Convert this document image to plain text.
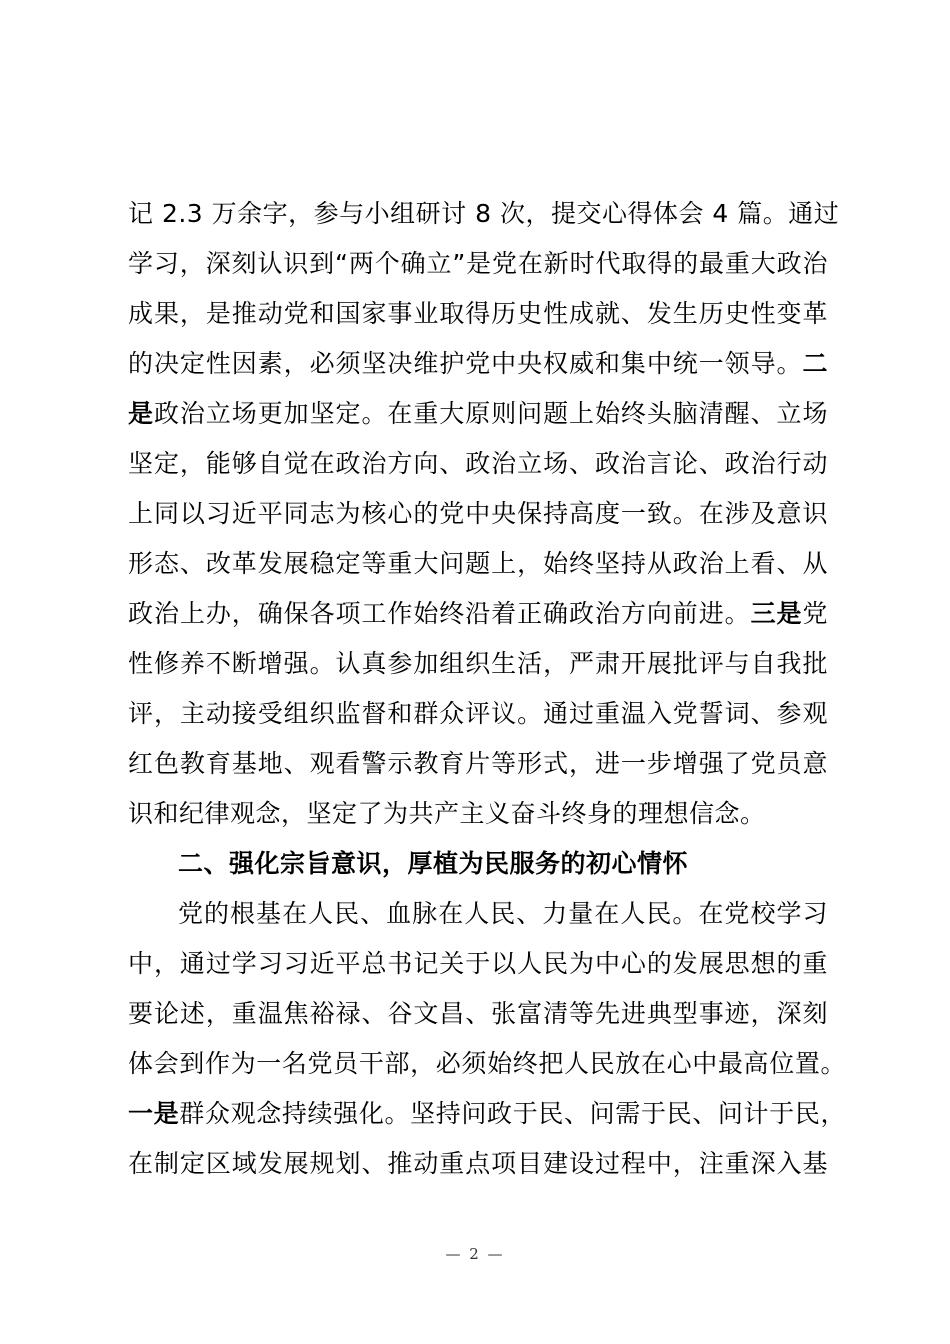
记 2.3 万余字，参与小组研讨 8 次，提交心得体会 4 篇。通过
学习，深刻认识到“两个确立”是党在新时代取得的最重大政治
成果，是推动党和国家事业取得历史性成就、发生历史性变革
的决定性因素，必须坚决维护党中央权威和集中统一领导。二
是政治立场更加坚定。在重大原则问题上始终头脑清醒、立场
坚定，能够自觉在政治方向、政治立场、政治言论、政治行动
上同以习近平同志为核心的党中央保持高度一致。在涉及意识
形态、改革发展稳定等重大问题上，始终坚持从政治上看、从
政治上办，确保各项工作始终沿着正确政治方向前进。三是党
性修养不断增强。认真参加组织生活，严肃开展批评与自我批
评，主动接受组织监督和群众评议。通过重温入党誓词、参观
红色教育基地、观看警示教育片等形式，进一步增强了党员意
识和纪律观念，坚定了为共产主义奋斗终身的理想信念。
二、强化宗旨意识，厚植为民服务的初心情怀
党的根基在人民、血脉在人民、力量在人民。在党校学习
中，通过学习习近平总书记关于以人民为中心的发展思想的重
要论述，重温焦裕禄、谷文昌、张富清等先进典型事迹，深刻
体会到作为一名党员干部，必须始终把人民放在心中最高位置。
一是群众观念持续强化。坚持问政于民、问需于民、问计于民，
在制定区域发展规划、推动重点项目建设过程中，注重深入基
— 2 —
